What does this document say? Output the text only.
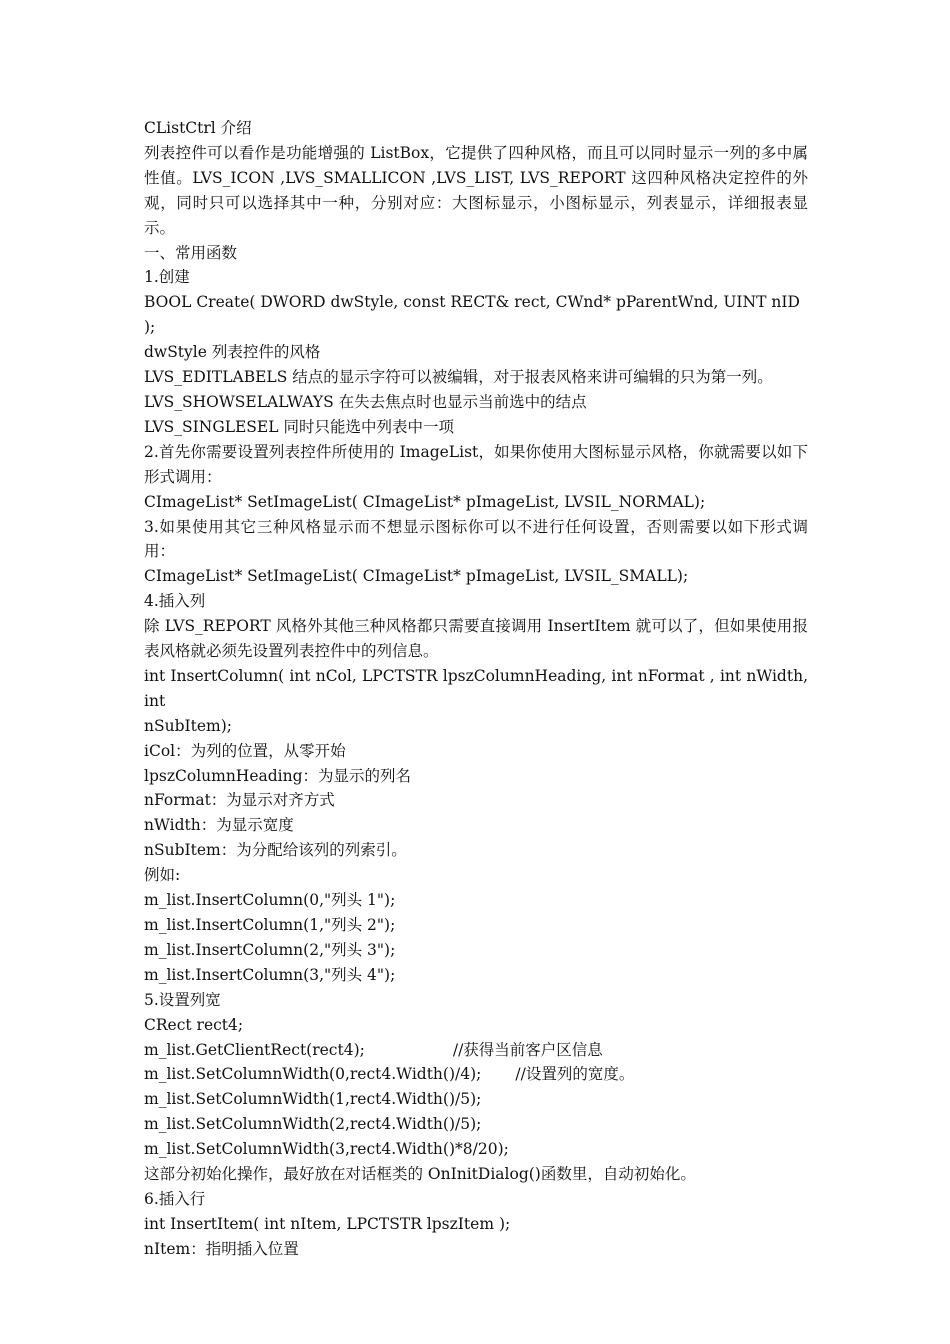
CListCtrl 介绍

列表控件可以看作是功能增强的 ListBox，它提供了四种风格，而且可以同时显示一列的多中属性值。LVS_ICON ,LVS_SMALLICON ,LVS_LIST, LVS_REPORT 这四种风格决定控件的外观，同时只可以选择其中一种，分别对应：大图标显示，小图标显示，列表显示，详细报表显示。

一、常用函数

1.创建

BOOL Create( DWORD dwStyle, const RECT& rect, CWnd* pParentWnd, UINT nID );

dwStyle 列表控件的风格

LVS_EDITLABELS 结点的显示字符可以被编辑，对于报表风格来讲可编辑的只为第一列。

LVS_SHOWSELALWAYS 在失去焦点时也显示当前选中的结点

LVS_SINGLESEL 同时只能选中列表中一项

2.首先你需要设置列表控件所使用的 ImageList，如果你使用大图标显示风格，你就需要以如下形式调用：

CImageList* SetImageList( CImageList* pImageList, LVSIL_NORMAL);

3.如果使用其它三种风格显示而不想显示图标你可以不进行任何设置，否则需要以如下形式调用：

CImageList* SetImageList( CImageList* pImageList, LVSIL_SMALL);

4.插入列

除 LVS_REPORT 风格外其他三种风格都只需要直接调用 InsertItem 就可以了，但如果使用报表风格就必须先设置列表控件中的列信息。

int InsertColumn( int nCol, LPCTSTR lpszColumnHeading, int nFormat , int nWidth, int

nSubItem);

iCol：为列的位置，从零开始

lpszColumnHeading：为显示的列名

nFormat：为显示对齐方式

nWidth：为显示宽度

nSubItem：为分配给该列的列索引。

例如:

m_list.InsertColumn(0,"列头 1");

m_list.InsertColumn(1,"列头 2");

m_list.InsertColumn(2,"列头 3");

m_list.InsertColumn(3,"列头 4");

5.设置列宽

CRect rect4;

m_list.GetClientRect(rect4);	//获得当前客户区信息

m_list.SetColumnWidth(0,rect4.Width()/4); //设置列的宽度。

m_list.SetColumnWidth(1,rect4.Width()/5);

m_list.SetColumnWidth(2,rect4.Width()/5);

m_list.SetColumnWidth(3,rect4.Width()*8/20);

这部分初始化操作，最好放在对话框类的 OnInitDialog()函数里，自动初始化。

6.插入行

int InsertItem( int nItem, LPCTSTR lpszItem );

nItem：指明插入位置
